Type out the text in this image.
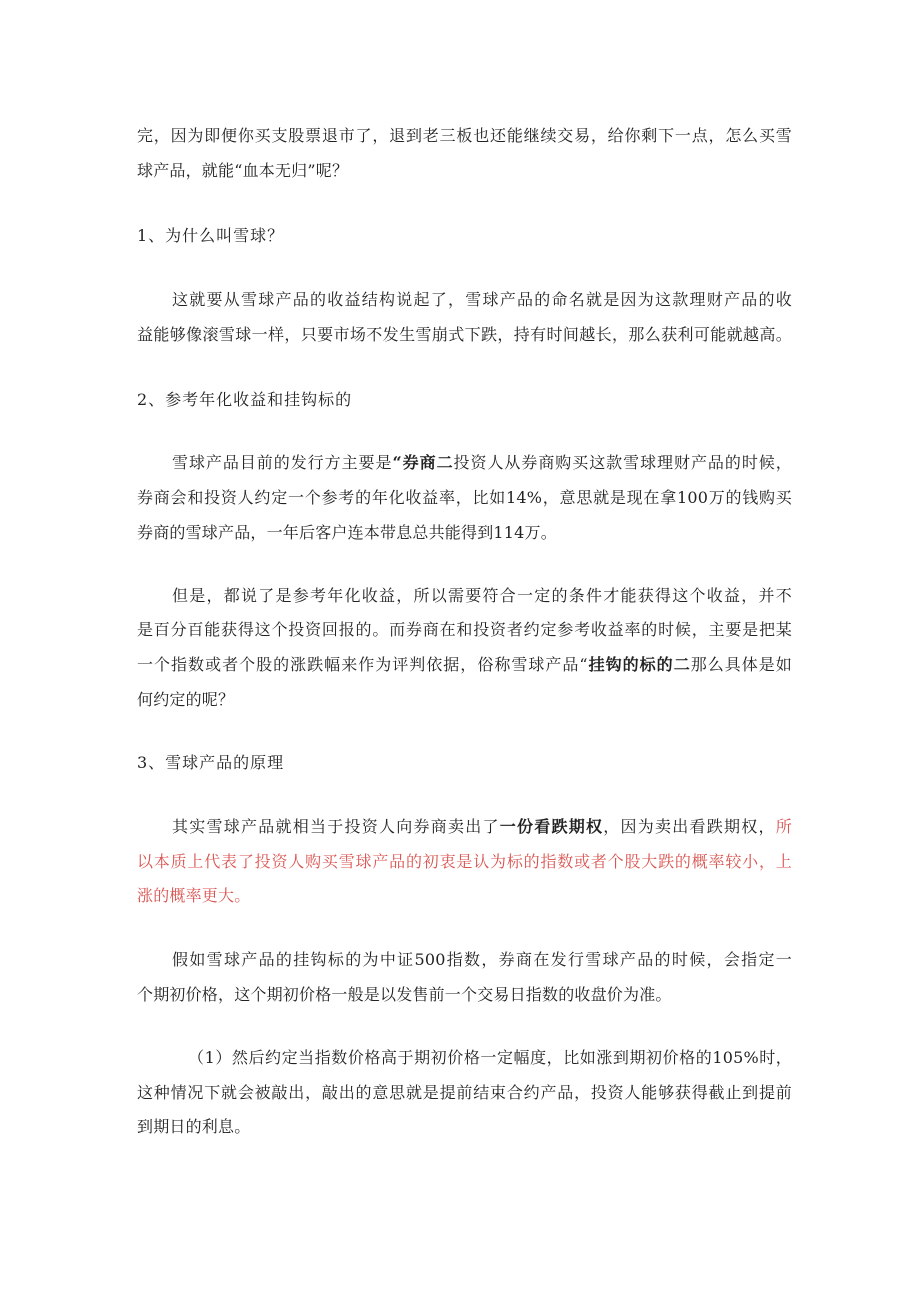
完，因为即便你买支股票退市了，退到老三板也还能继续交易，给你剩下一点，怎么买雪
球产品，就能“血本无归”呢？
1、为什么叫雪球？
这就要从雪球产品的收益结构说起了，雪球产品的命名就是因为这款理财产品的收
益能够像滚雪球一样，只要市场不发生雪崩式下跌，持有时间越长，那么获利可能就越高。
2、参考年化收益和挂钩标的
雪球产品目前的发行方主要是“券商二投资人从券商购买这款雪球理财产品的时候，
券商会和投资人约定一个参考的年化收益率，比如14%，意思就是现在拿100万的钱购买
券商的雪球产品，一年后客户连本带息总共能得到114万。
但是，都说了是参考年化收益，所以需要符合一定的条件才能获得这个收益，并不
是百分百能获得这个投资回报的。而券商在和投资者约定参考收益率的时候，主要是把某
一个指数或者个股的涨跌幅来作为评判依据，俗称雪球产品“挂钩的标的二那么具体是如
何约定的呢？
3、雪球产品的原理
其实雪球产品就相当于投资人向券商卖出了一份看跌期权，因为卖出看跌期权，所
以本质上代表了投资人购买雪球产品的初衷是认为标的指数或者个股大跌的概率较小，上
涨的概率更大。
假如雪球产品的挂钩标的为中证500指数，券商在发行雪球产品的时候，会指定一
个期初价格，这个期初价格一般是以发售前一个交易日指数的收盘价为准。
（1）然后约定当指数价格高于期初价格一定幅度，比如涨到期初价格的105%时，
这种情况下就会被敲出，敲出的意思就是提前结束合约产品，投资人能够获得截止到提前
到期日的利息。
